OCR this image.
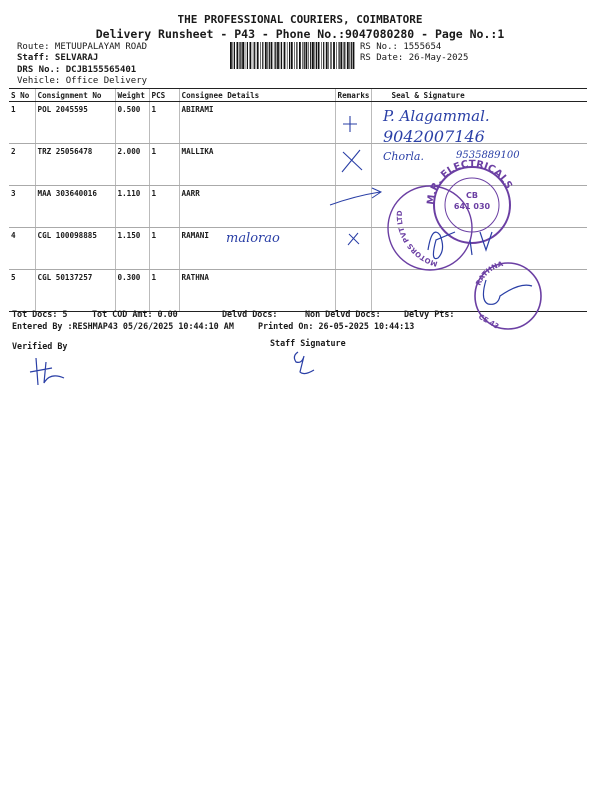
THE PROFESSIONAL COURIERS, COIMBATORE
Delivery Runsheet - P43 - Phone No.:9047080280 - Page No.:1
Route: METUUPALAYAM ROAD
Staff: SELVARAJ
DRS No.: DCJB155565401
Vehicle: Office Delivery
RS No.: 1555654
RS Date: 26-May-2025
S No	Consignment No	Weight	PCS	Consignee Details	Remarks	Seal & Signature
1	POL 2045595	0.500	1	ABIRAMI		
2	TRZ 25056478	2.000	1	MALLIKA		
3	MAA 303640016	1.110	1	AARR		
4	CGL 100098885	1.150	1	RAMANI		
5	CGL 50137257	0.300	1	RATHNA		
Tot Docs: 5	Tot COD Amt: 0.00	Delvd Docs:	Non Delvd Docs:	Delvy Pts:
Entered By :RESHMAP43 05/26/2025 10:44:10 AM	Printed On: 26-05-2025 10:44:13
Verified By	Staff Signature
P. Alagammal.
9042007146
Chorla.	9535889100
malorao
M.R. ELECTRICALS
CB
641 030
MOTORS PVT LTD
RATHNA
CE 43
